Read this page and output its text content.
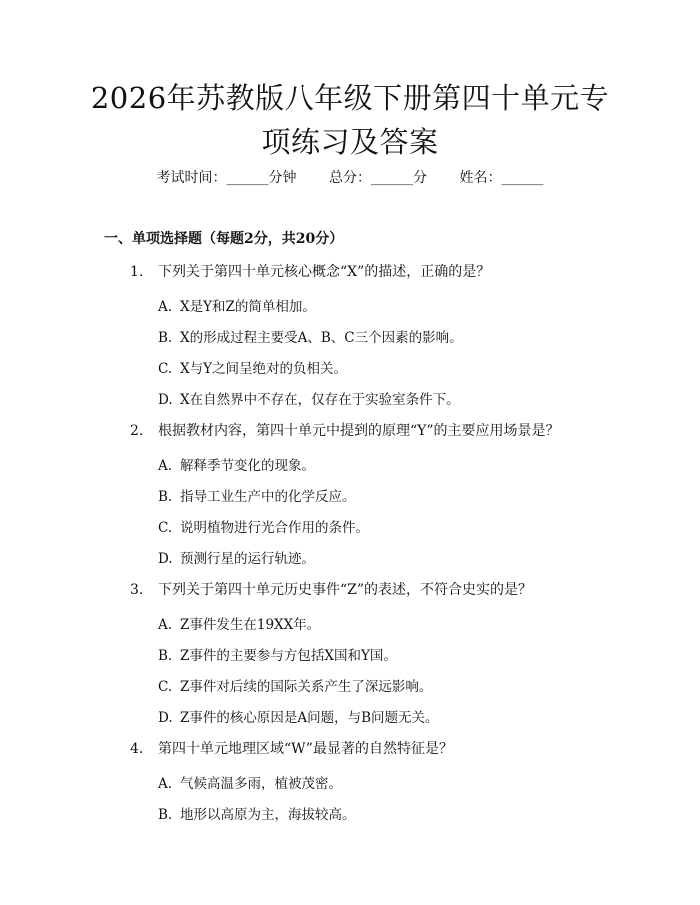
2026年苏教版八年级下册第四十单元专项练习及答案
考试时间：______分钟 总分：______分 姓名：______
一、单项选择题（每题2分，共20分）
1. 下列关于第四十单元核心概念“X”的描述，正确的是？
A. X是Y和Z的简单相加。
B. X的形成过程主要受A、B、C三个因素的影响。
C. X与Y之间呈绝对的负相关。
D. X在自然界中不存在，仅存在于实验室条件下。
2. 根据教材内容，第四十单元中提到的原理“Y”的主要应用场景是？
A. 解释季节变化的现象。
B. 指导工业生产中的化学反应。
C. 说明植物进行光合作用的条件。
D. 预测行星的运行轨迹。
3. 下列关于第四十单元历史事件“Z”的表述，不符合史实的是？
A. Z事件发生在19XX年。
B. Z事件的主要参与方包括X国和Y国。
C. Z事件对后续的国际关系产生了深远影响。
D. Z事件的核心原因是A问题，与B问题无关。
4. 第四十单元地理区域“W”最显著的自然特征是？
A. 气候高温多雨，植被茂密。
B. 地形以高原为主，海拔较高。
